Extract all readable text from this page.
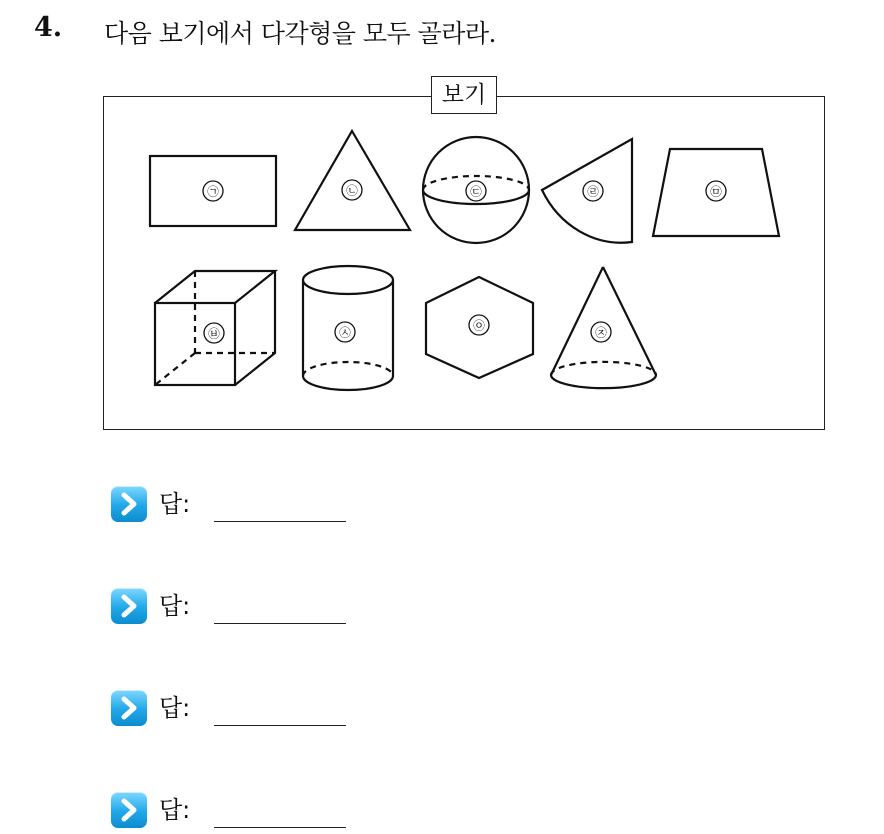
4. 다음 보기에서 다각형을 모두 골라라.
㉠	㉡	㉢	㉣	㉤
㉥	㉦	㉧	㉨
보기
답:
답:
답:
답:
